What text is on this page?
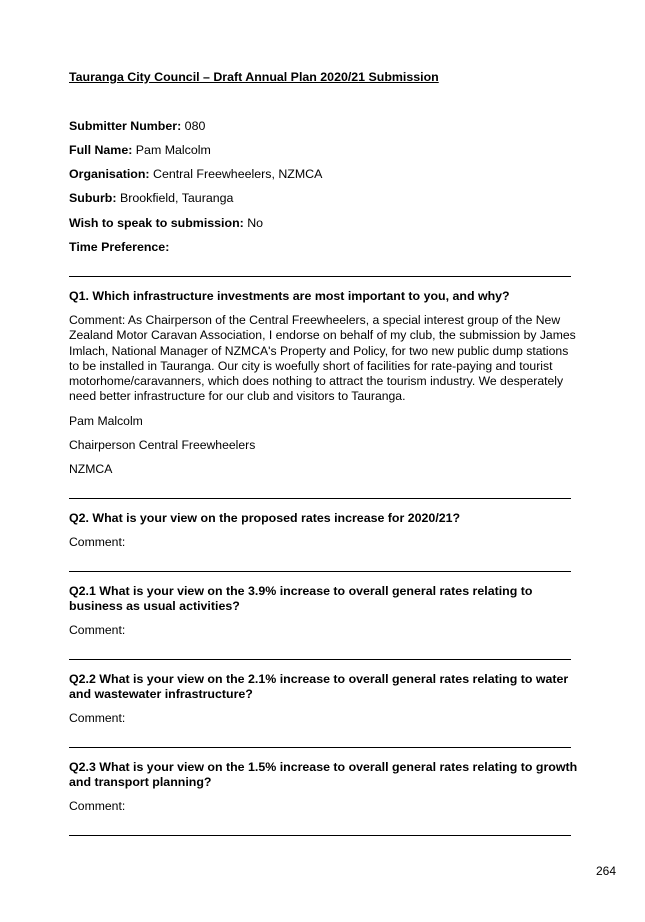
Tauranga City Council – Draft Annual Plan 2020/21 Submission
Submitter Number: 080
Full Name: Pam Malcolm
Organisation: Central Freewheelers, NZMCA
Suburb: Brookfield, Tauranga
Wish to speak to submission: No
Time Preference:
Q1. Which infrastructure investments are most important to you, and why?
Comment: As Chairperson of the Central Freewheelers, a special interest group of the New Zealand Motor Caravan Association, I endorse on behalf of my club, the submission by James Imlach, National Manager of NZMCA's Property and Policy, for two new public dump stations to be installed in Tauranga. Our city is woefully short of facilities for rate-paying and tourist motorhome/caravanners, which does nothing to attract the tourism industry. We desperately need better infrastructure for our club and visitors to Tauranga.
Pam Malcolm
Chairperson Central Freewheelers
NZMCA
Q2. What is your view on the proposed rates increase for 2020/21?
Comment:
Q2.1 What is your view on the 3.9% increase to overall general rates relating to business as usual activities?
Comment:
Q2.2 What is your view on the 2.1% increase to overall general rates relating to water and wastewater infrastructure?
Comment:
Q2.3 What is your view on the 1.5% increase to overall general rates relating to growth and transport planning?
Comment:
264
